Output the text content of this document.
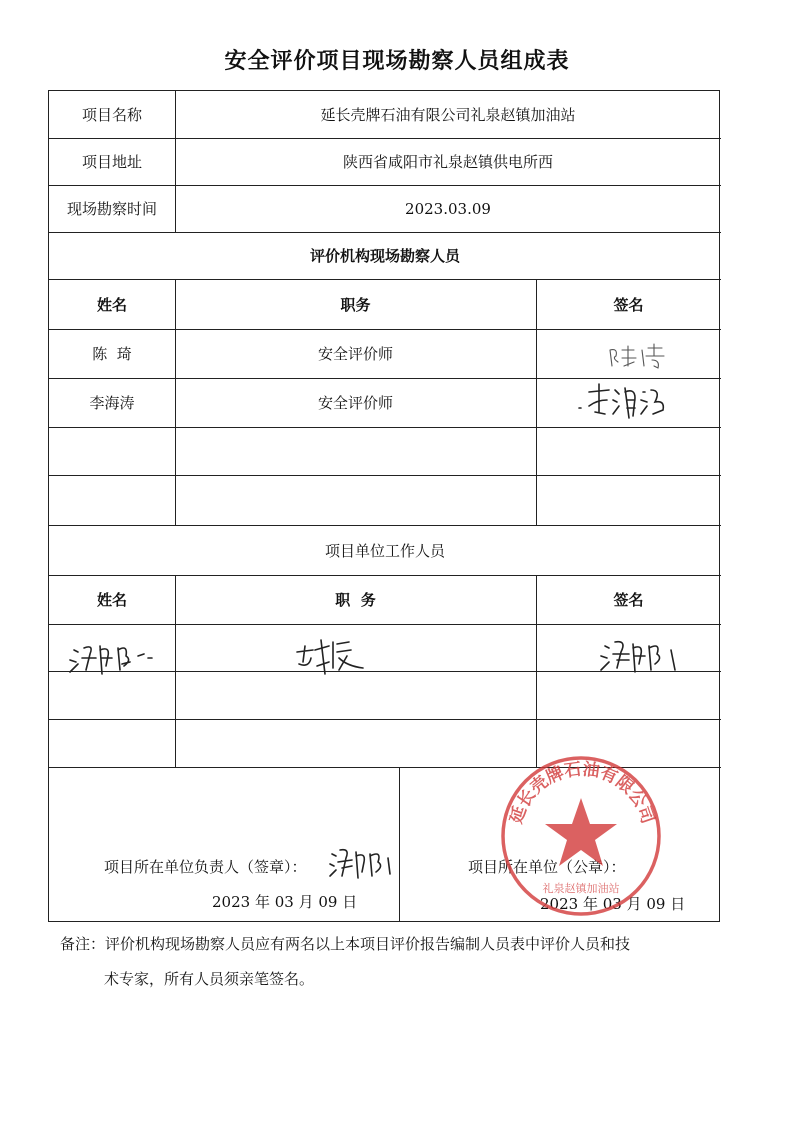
安全评价项目现场勘察人员组成表
项目名称	延长壳牌石油有限公司礼泉赵镇加油站
项目地址	陕西省咸阳市礼泉赵镇供电所西
现场勘察时间	2023.03.09
评价机构现场勘察人员
姓名	职务	签名
陈  琦	安全评价师
李海涛	安全评价师
项目单位工作人员
姓名	职  务	签名
项目所在单位负责人（签章）：
2023 年 03 月 09 日
项目所在单位（公章）：
2023 年 03 月 09 日
延长壳牌石油有限公司
礼泉赵镇加油站
备注：评价机构现场勘察人员应有两名以上本项目评价报告编制人员表中评价人员和技
术专家，所有人员须亲笔签名。
